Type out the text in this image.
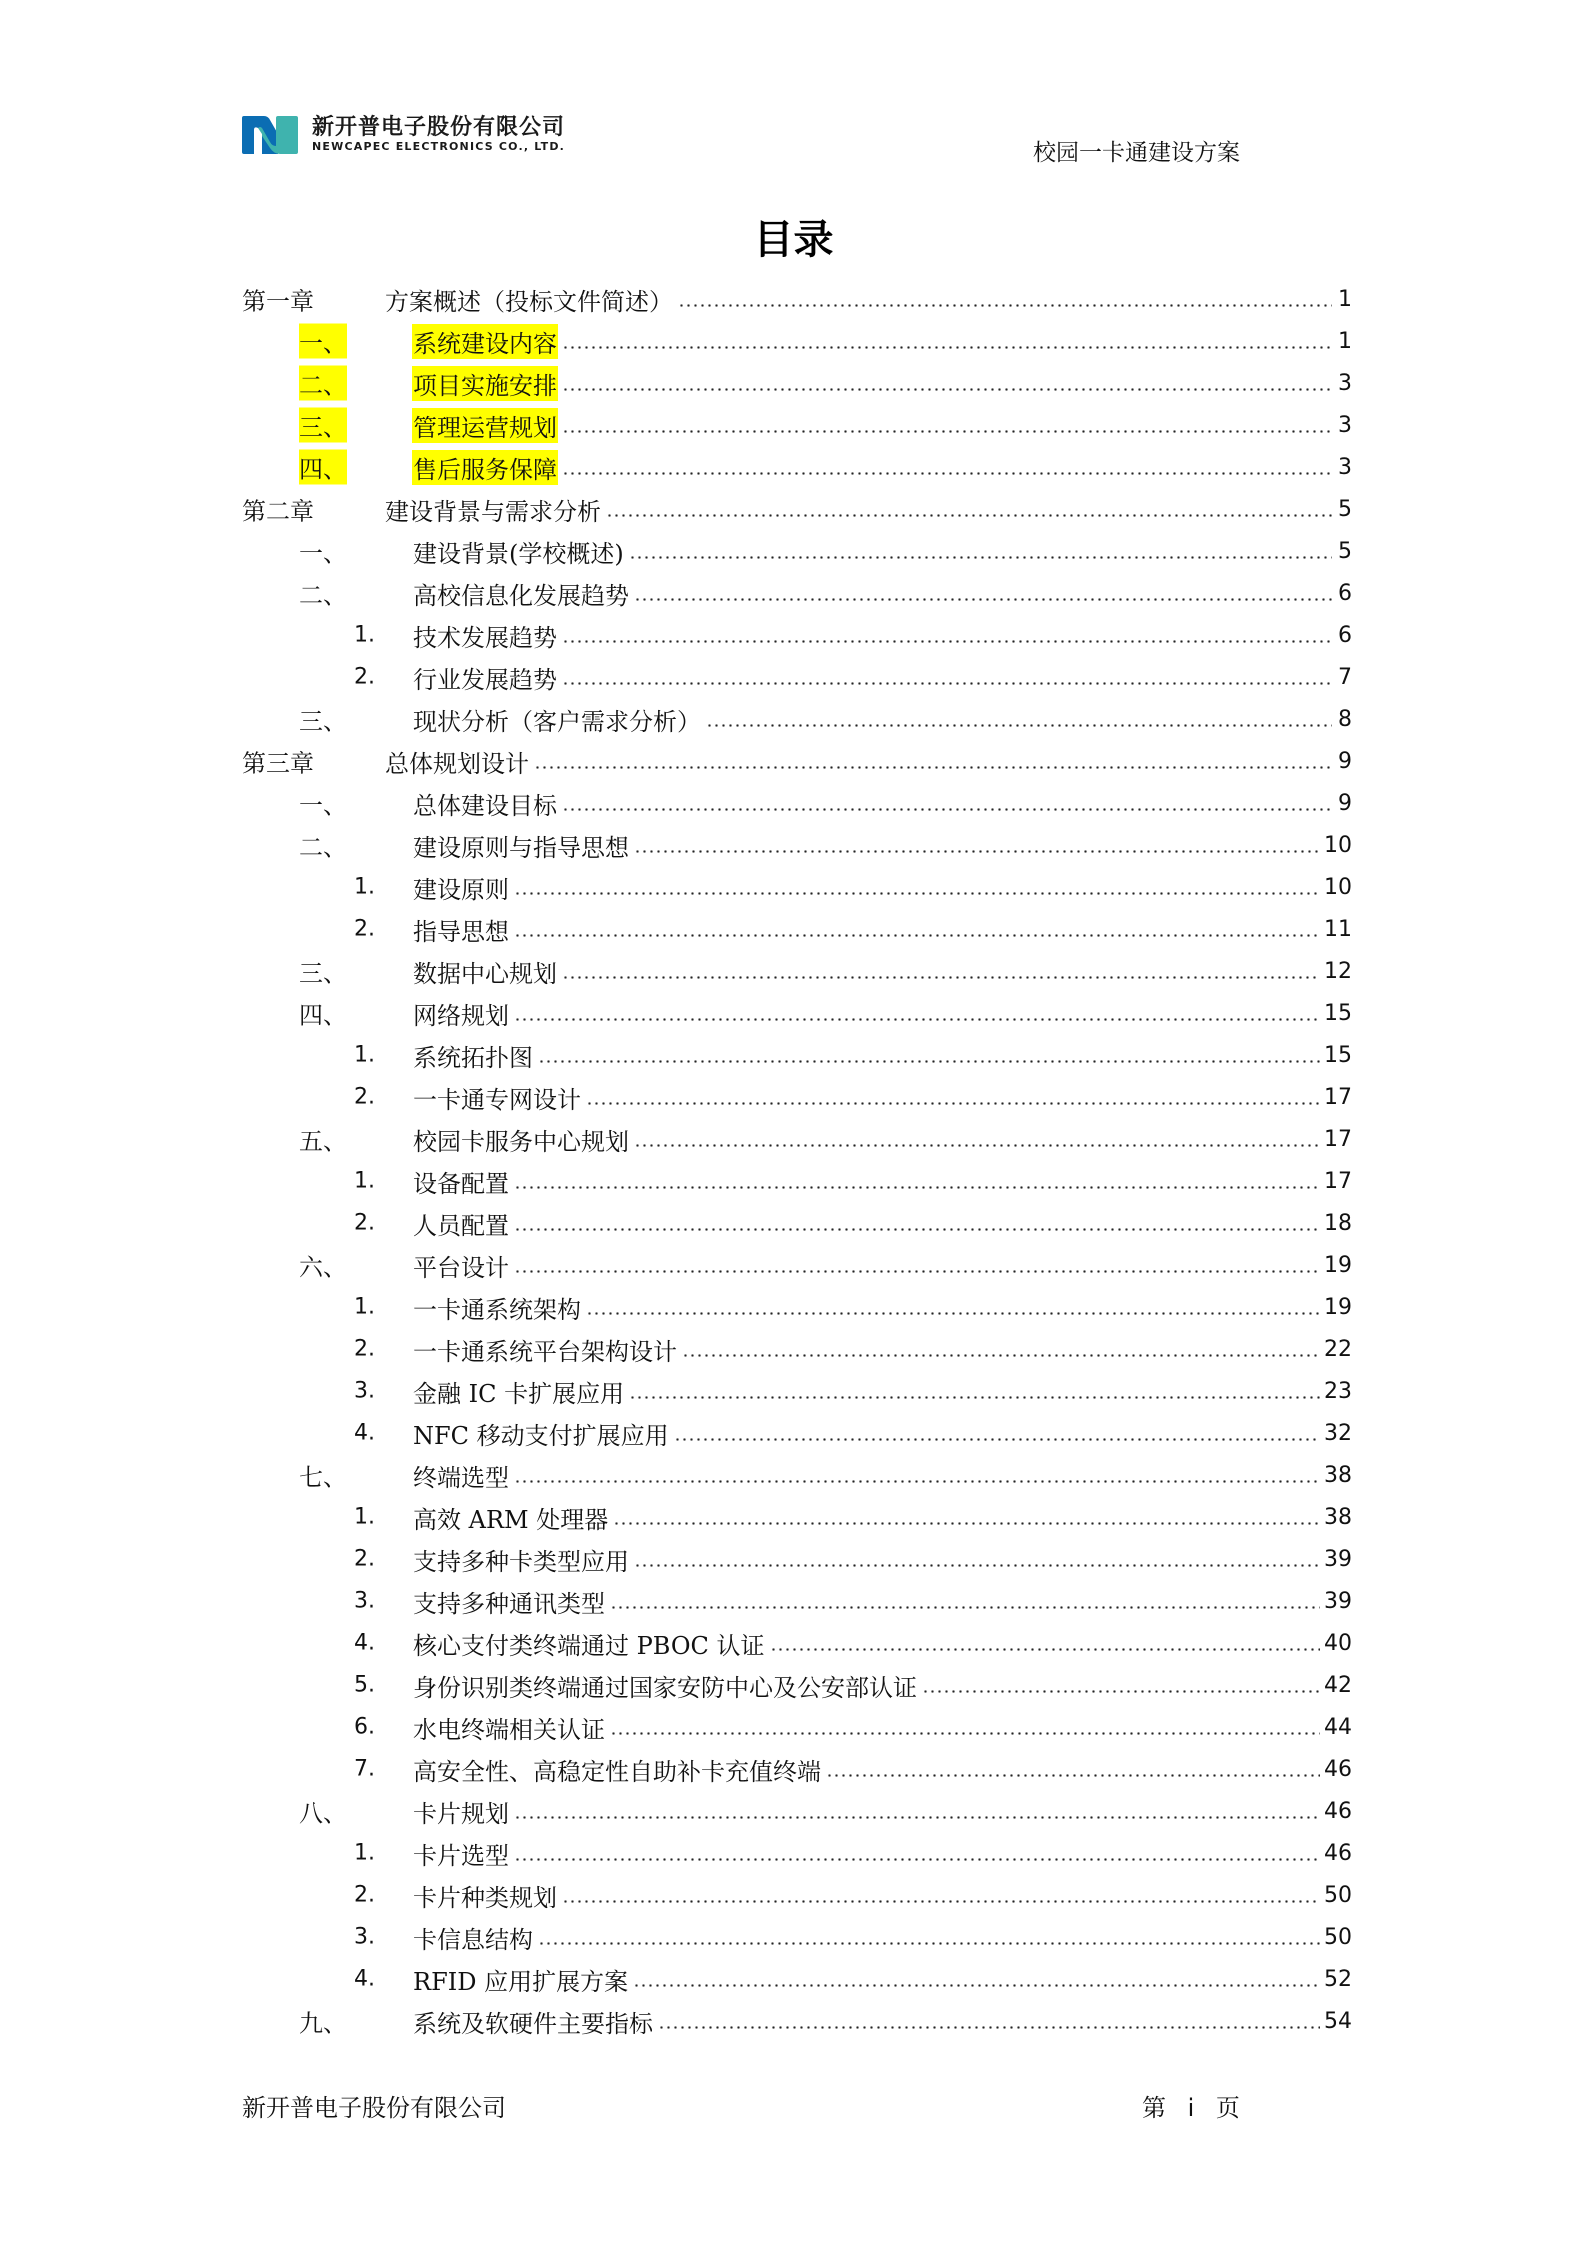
新开普电子股份有限公司
NEWCAPEC ELECTRONICS CO., LTD.	校园一卡通建设方案
目录
第一章	方案概述（投标文件简述）	1
一、	系统建设内容	1
二、	项目实施安排	3
三、	管理运营规划	3
四、	售后服务保障	3
第二章	建设背景与需求分析	5
一、	建设背景(学校概述)	5
二、	高校信息化发展趋势	6
1. 技术发展趋势	6
2. 行业发展趋势	7
三、	现状分析（客户需求分析）	8
第三章	总体规划设计	9
一、	总体建设目标	9
二、	建设原则与指导思想	10
1. 建设原则	10
2. 指导思想	11
三、	数据中心规划	12
四、	网络规划	15
1. 系统拓扑图	15
2. 一卡通专网设计	17
五、	校园卡服务中心规划	17
1. 设备配置	17
2. 人员配置	18
六、	平台设计	19
1. 一卡通系统架构	19
2. 一卡通系统平台架构设计	22
3. 金融 IC 卡扩展应用	23
4. NFC 移动支付扩展应用	32
七、	终端选型	38
1. 高效 ARM 处理器	38
2. 支持多种卡类型应用	39
3. 支持多种通讯类型	39
4. 核心支付类终端通过 PBOC 认证	40
5. 身份识别类终端通过国家安防中心及公安部认证	42
6. 水电终端相关认证	44
7. 高安全性、高稳定性自助补卡充值终端	46
八、	卡片规划	46
1. 卡片选型	46
2. 卡片种类规划	50
3. 卡信息结构	50
4. RFID 应用扩展方案	52
九、	系统及软硬件主要指标	54
新开普电子股份有限公司	第 i 页
